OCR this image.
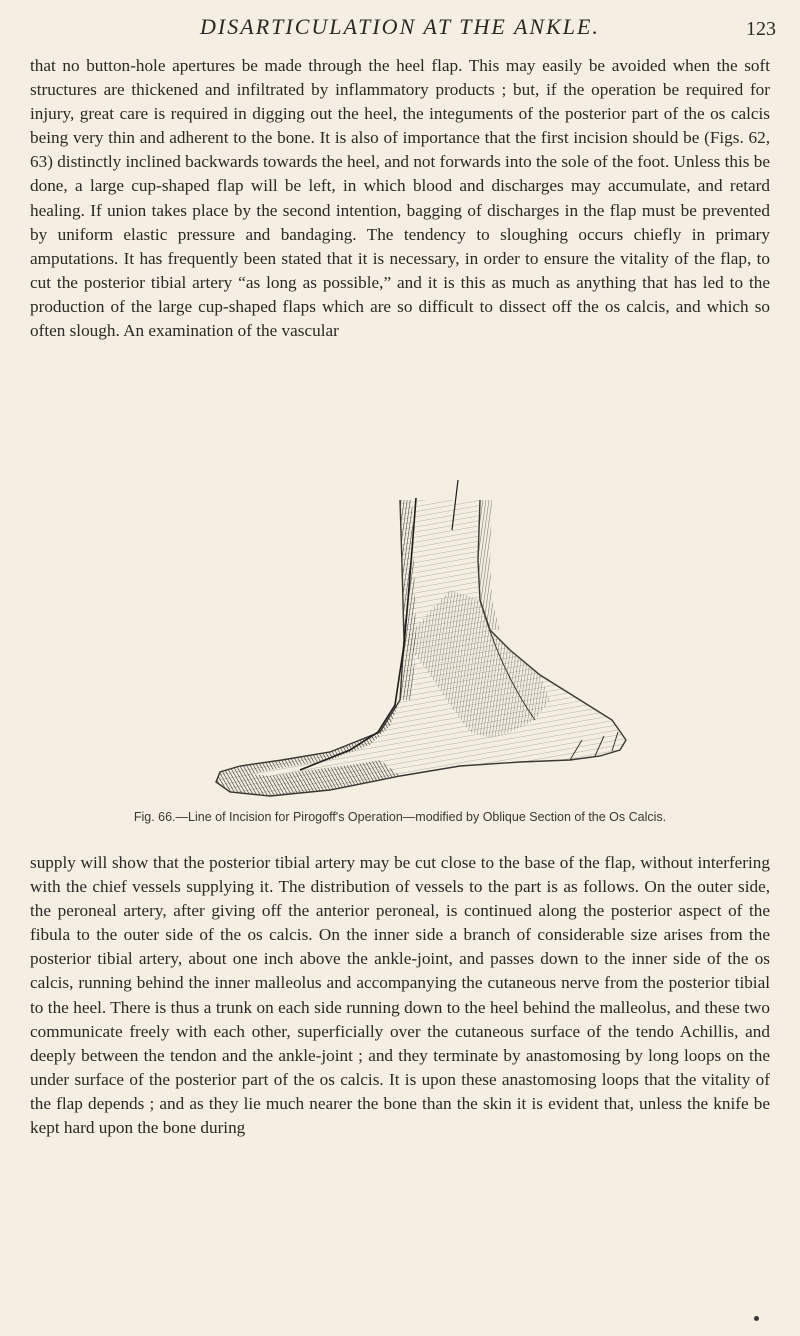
DISARTICULATION AT THE ANKLE.	123

that no button-hole apertures be made through the heel flap. This may easily be avoided when the soft structures are thickened and infiltrated by inflammatory products ; but, if the operation be required for injury, great care is required in digging out the heel, the integuments of the posterior part of the os calcis being very thin and adherent to the bone. It is also of importance that the first incision should be (Figs. 62, 63) distinctly inclined backwards towards the heel, and not forwards into the sole of the foot. Unless this be done, a large cup-shaped flap will be left, in which blood and discharges may accumulate, and retard healing. If union takes place by the second intention, bagging of discharges in the flap must be prevented by uniform elastic pressure and bandaging. The tendency to sloughing occurs chiefly in primary amputations. It has frequently been stated that it is necessary, in order to ensure the vitality of the flap, to cut the posterior tibial artery “as long as possible,” and it is this as much as anything that has led to the production of the large cup-shaped flaps which are so difficult to dissect off the os calcis, and which so often slough. An examination of the vascular

Fig. 66.—Line of Incision for Pirogoff's Operation—modified by Oblique Section of the Os Calcis.

supply will show that the posterior tibial artery may be cut close to the base of the flap, without interfering with the chief vessels supplying it. The distribution of vessels to the part is as follows. On the outer side, the peroneal artery, after giving off the anterior peroneal, is continued along the posterior aspect of the fibula to the outer side of the os calcis. On the inner side a branch of considerable size arises from the posterior tibial artery, about one inch above the ankle-joint, and passes down to the inner side of the os calcis, running behind the inner malleolus and accompanying the cutaneous nerve from the posterior tibial to the heel. There is thus a trunk on each side running down to the heel behind the malleolus, and these two communicate freely with each other, superficially over the cutaneous surface of the tendo Achillis, and deeply between the tendon and the ankle-joint ; and they terminate by anastomosing by long loops on the under surface of the posterior part of the os calcis. It is upon these anastomosing loops that the vitality of the flap depends ; and as they lie much nearer the bone than the skin it is evident that, unless the knife be kept hard upon the bone during
